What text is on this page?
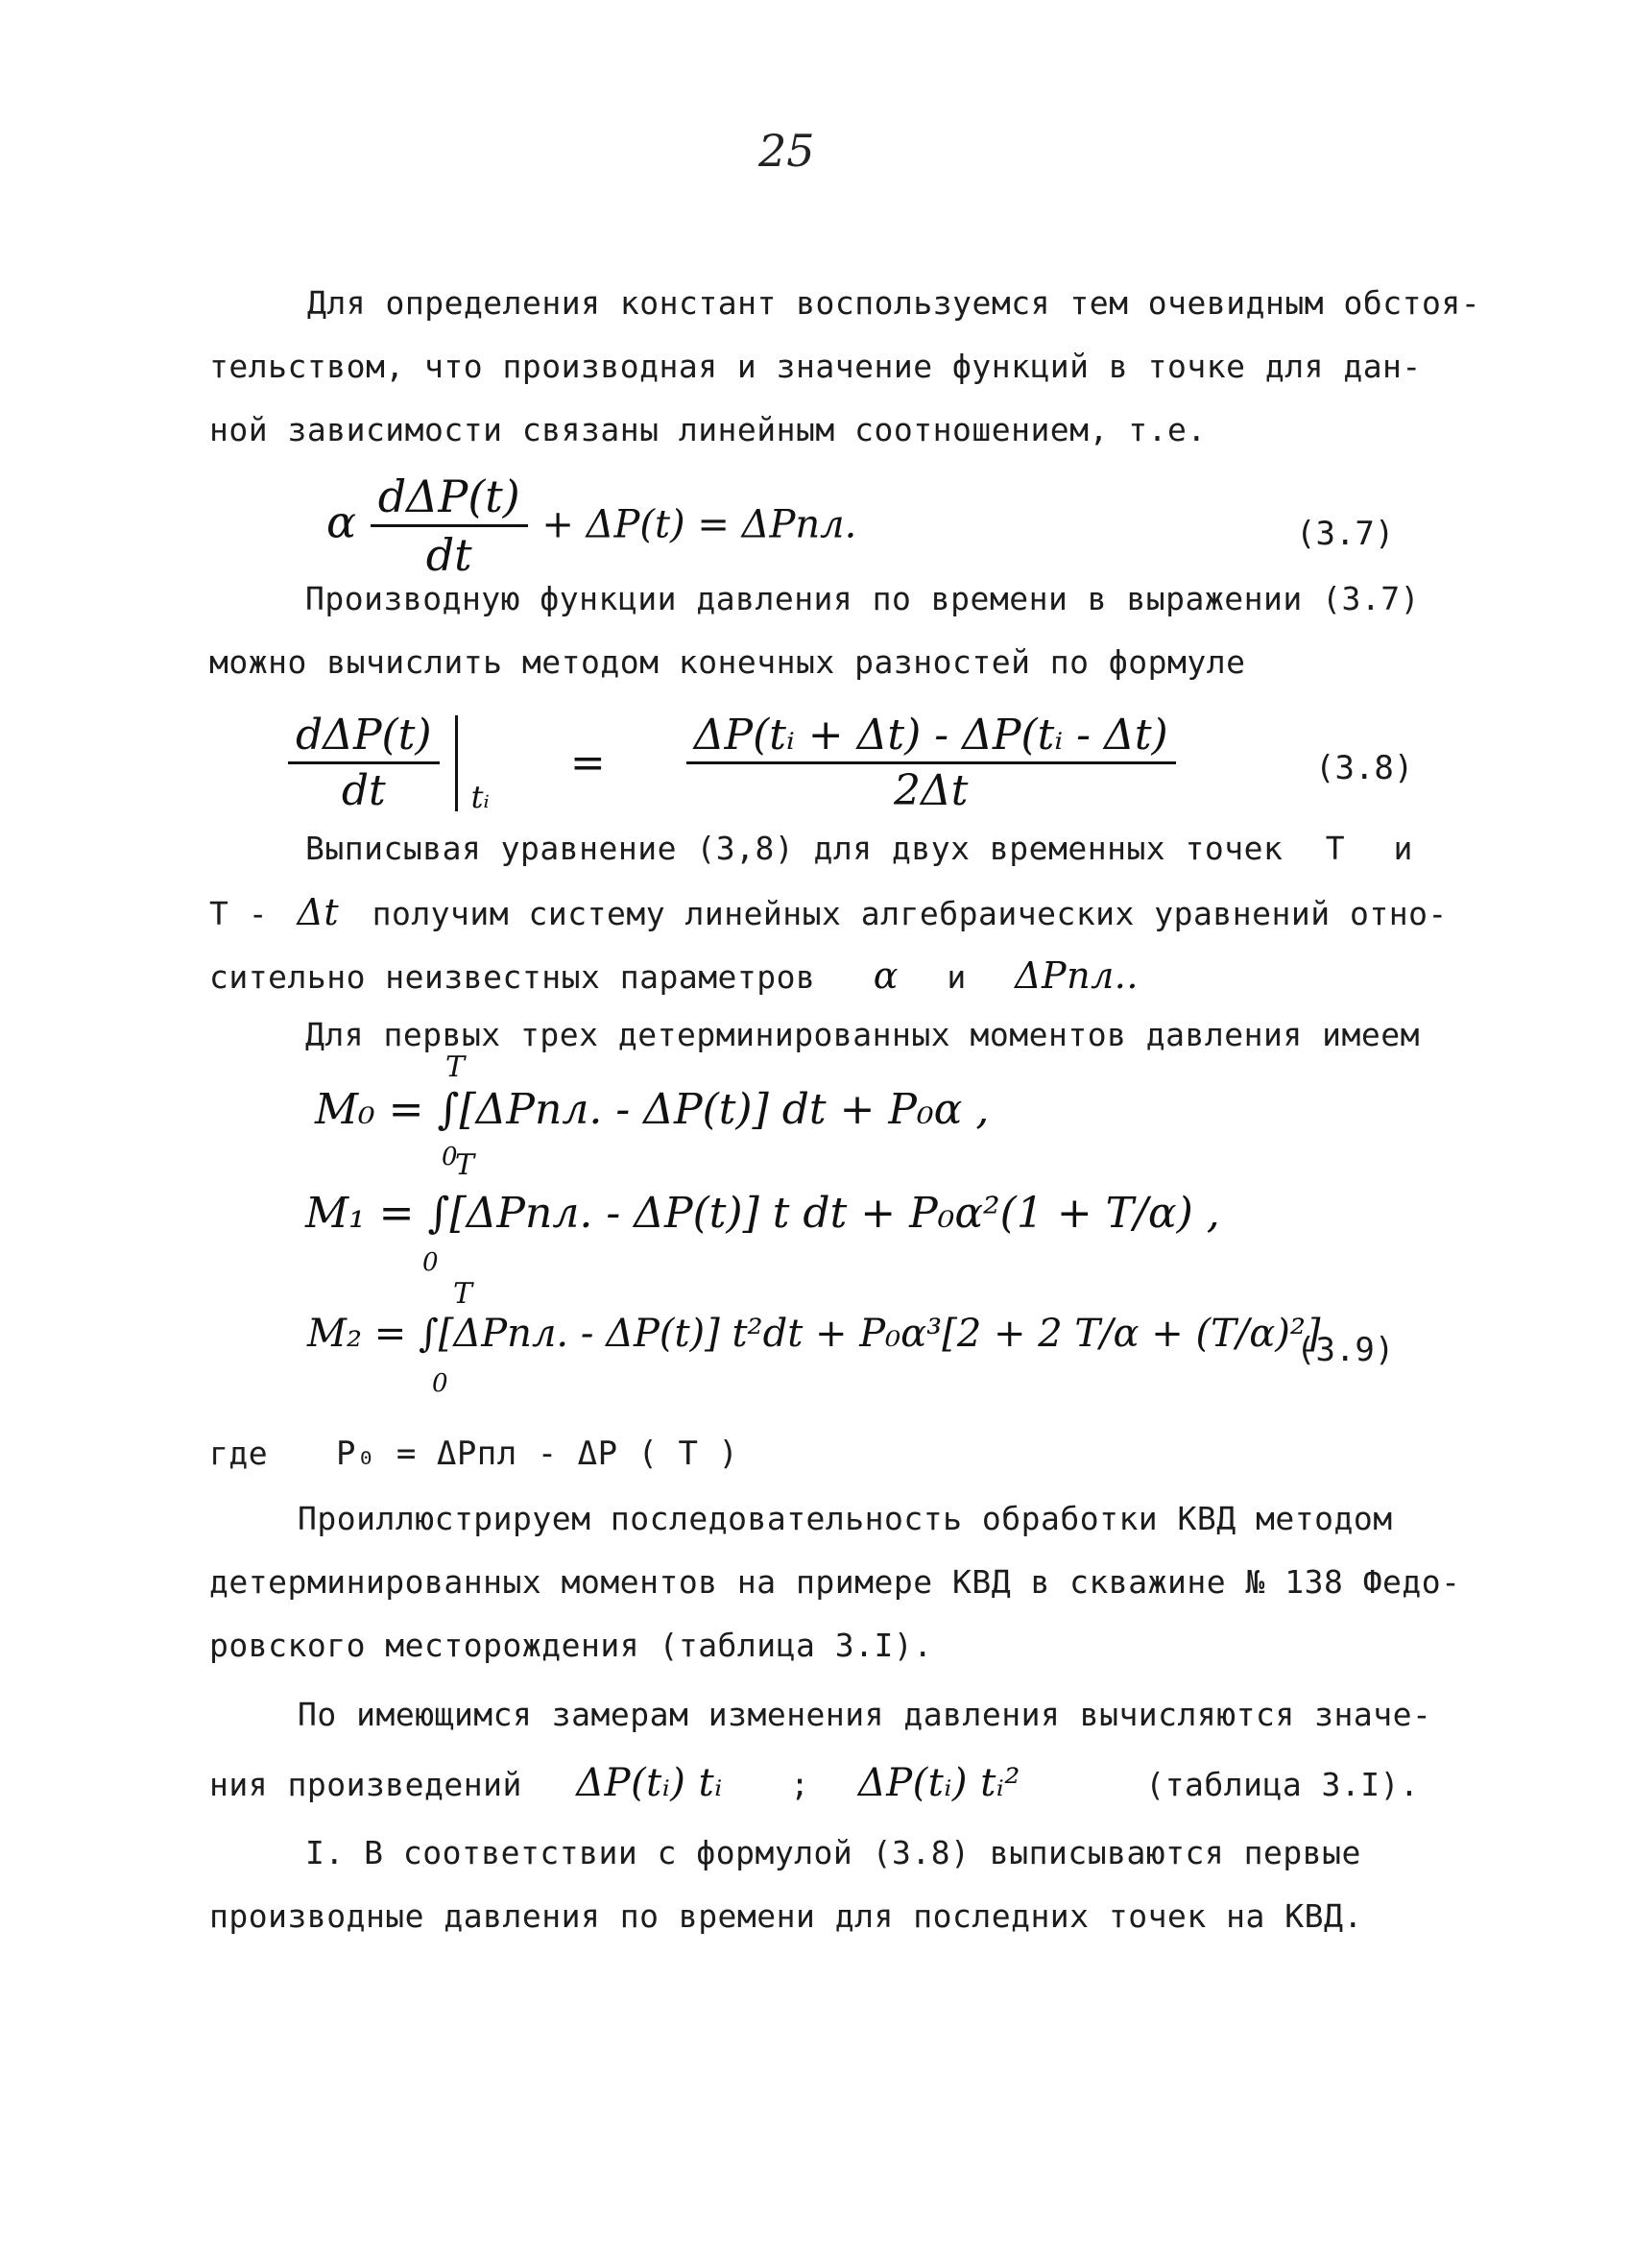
25
Для определения констант воспользуемся тем очевидным обстоя-
тельством, что производная и значение функций в точке для дан-
ной зависимости связаны линейным соотношением, т.е.
α $\frac{\text{dΔP(t)}}{dt} + \Delta P(t) = \Delta Pпл$.	(3.7)
Производную функции давления по времени в выражении (3.7)
можно вычислить методом конечных разностей по формуле
$\frac{\text{dΔP(t)}}{dt}$ tᵢ = $\frac{\text{ΔP(tᵢ + Δt) - ΔP(tᵢ - Δt)}}{2\Delta t}$	(3.8)
Выписывая уравнение (3,8) для двух временных точек T и
T - Δt получим систему линейных алгебраических уравнений отно-
сительно неизвестных параметров α и ΔPпл..
Для первых трех детерминированных моментов давления имеем
T
M₀ = ∫[ΔPпл. - ΔP(t)] dt + P₀α ,
0
T
M₁ = ∫[ΔPпл. - ΔP(t)] t dt + P₀α²(1 + T/α) ,
0
T
M₂ = ∫[ΔPпл. - ΔP(t)] t²dt + P₀α³[2 + 2 T/α + (T/α)²]
0
(3.9)
где P₀ = ΔPпл - ΔP ( T )
Проиллюстрируем последовательность обработки КВД методом
детерминированных моментов на примере КВД в скважине № 138 Федо-
ровского месторождения (таблица 3.I).
По имеющимся замерам изменения давления вычисляются значе-
ния произведений ΔP(tᵢ) tᵢ ; ΔP(tᵢ) tᵢ²	(таблица 3.I).
I. В соответствии с формулой (3.8) выписываются первые
производные давления по времени для последних точек на КВД.
